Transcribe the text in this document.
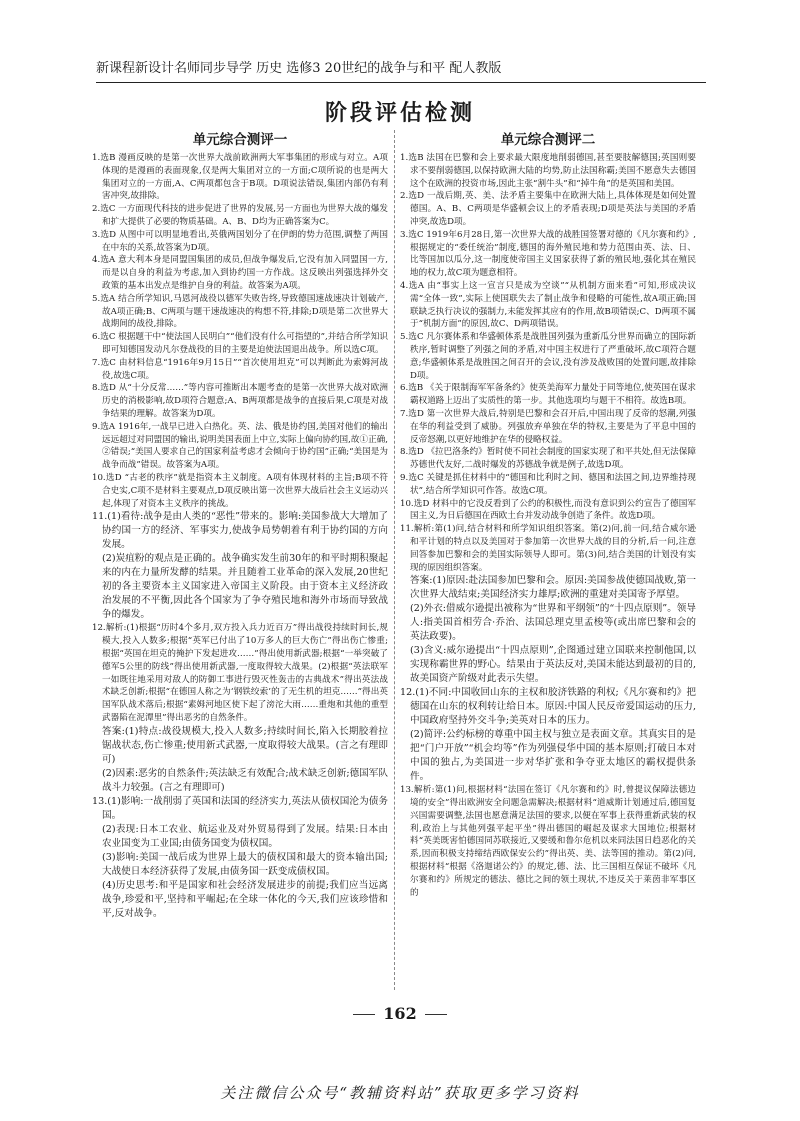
新课程新设计名师同步导学 历史 选修3 20世纪的战争与和平 配人教版
阶段评估检测
单元综合测评一

1.选B 漫画反映的是第一次世界大战前欧洲两大军事集团的形成与对立。A项体现的是漫画的表面现象,仅是两大集团对立的一方面;C项所说的也是两大集团对立的一方面,A、C两项都包含于B项。D项说法错误,集团内部仍有利害冲突,故排除。

2.选C 一方面现代科技的进步促进了世界的发展,另一方面也为世界大战的爆发和扩大提供了必要的物质基础。A、B、D均为正确答案为C。

3.选D 从图中可以明显地看出,英俄两国划分了在伊朗的势力范围,调整了两国在中东的关系,故答案为D项。

4.选A 意大利本身是同盟国集团的成员,但战争爆发后,它没有加入同盟国一方,而是以自身的利益为考虑,加入到协约国一方作战。这反映出列强选择外交政策的基本出发点是维护自身的利益。故答案为A项。

5.选A 结合所学知识,马恩河战役以德军失败告终,导致德国速战速决计划破产,故A项正确;B、C两项与题干速战速决的构想不符,排除;D项是第二次世界大战期间的战役,排除。

6.选C 根据题干中“使法国人民明白”“他们没有什么可指望的”,并结合所学知识即可知德国发动凡尔登战役的目的主要是迫使法国退出战争。所以选C项。

7.选C 由材料信息“1916年9月15日”“首次使用坦克”可以判断此为索姆河战役,故选C项。

8.选D 从“十分反常……”等内容可推断出本题考查的是第一次世界大战对欧洲历史的消极影响,故D项符合题意;A、B两项都是战争的直接后果,C项是对战争结果的理解。故答案为D项。

9.选A 1916年,一战早已进入白热化。英、法、俄是协约国,美国对他们的输出远远超过对同盟国的输出,说明美国表面上中立,实际上偏向协约国,故①正确,②错误;“美国人要求自己的国家利益考虑才会倾向于协约国”正确;“美国是为战争而战”错误。故答案为A项。

10.选D “古老的秩序”就是指资本主义制度。A项有体现材料的主旨;B项不符合史实,C项不是材料主要观点,D项反映出第一次世界大战后社会主义运动兴起,体现了对资本主义秩序的挑战。

11.(1)看待:战争是由人类的“恶性”带来的。影响:美国参战大大增加了协约国一方的经济、军事实力,使战争局势朝着有利于协约国的方向发展。

(2)炭疽粉的观点是正确的。战争确实发生前30年的和平时期积聚起来的内在力量所发酵的结果。并且随着工业革命的深入发展,20世纪初的各主要资本主义国家进入帝国主义阶段。由于资本主义经济政治发展的不平衡,因此各个国家为了争夺殖民地和海外市场而导致战争的爆发。

12.解析:(1)根据“历时4个多月,双方投入兵力近百万”得出战役持续时间长,规模大,投入人数多;根据“英军已付出了10万多人的巨大伤亡”得出伤亡惨重;根据“英国在坦克的掩护下发起进攻……”得出使用新武器;根据“一举突破了德军5公里的防线”得出使用新武器,一度取得较大战果。(2)根据“英法联军一如既往地采用对敌人的防御工事进行毁灭性轰击的古典战术”得出英法战术缺乏创新;根据“在德国人称之为‘钢铁绞索’的了无生机的坦克……”得出英国军队战术落后;根据“素姆河地区使下起了滂沱大雨……重炮和其他的重型武器陷在泥潭里”得出恶劣的自然条件。

答案:(1)特点:战役规模大,投入人数多;持续时间长,陷入长期胶着拉锯战状态,伤亡惨重;使用新式武器,一度取得较大战果。(言之有理即可)

(2)因素:恶劣的自然条件;英法缺乏有效配合;战术缺乏创新;德国军队战斗力较强。(言之有理即可)

13.(1)影响:一战削弱了英国和法国的经济实力,英法从债权国沦为债务国。

(2)表现:日本工农业、航运业及对外贸易得到了发展。结果:日本由农业国变为工业国;由债务国变为债权国。

(3)影响:美国一战后成为世界上最大的债权国和最大的资本输出国;大战使日本经济获得了发展,由债务国一跃变成债权国。

(4)历史思考:和平是国家和社会经济发展进步的前提;我们应当远离战争,珍爱和平,坚持和平崛起;在全球一体化的今天,我们应该珍惜和平,反对战争。

单元综合测评二

1.选B 法国在巴黎和会上要求最大限度地削弱德国,甚至要肢解德国;英国则要求不要削弱德国,以保持欧洲大陆的均势,防止法国称霸;美国不愿意失去德国这个在欧洲的投资市场,因此主张“割牛头”和“掉牛角”的是英国和美国。

2.选D 一战后期,英、美、法矛盾主要集中在欧洲大陆上,具体体现是如何处置德国。A、B、C两项是华盛顿会议上的矛盾表现;D项是英法与美国的矛盾冲突,故选D项。

3.选C 1919年6月28日,第一次世界大战的战胜国签署对德的《凡尔赛和约》,根据规定的“委任统治”制度,德国的海外殖民地和势力范围由英、法、日、比等国加以瓜分,这一制度使帝国主义国家获得了新的殖民地,强化其在殖民地的权力,故C项为题意相符。

4.选A 由“事实上这一宣言只是成为空谈”“从机制方面来看”可知,形成决议需“全体一致”,实际上使国联失去了制止战争和侵略的可能性,故A项正确;国联缺乏执行决议的强制力,未能发挥其应有的作用,故B项错误;C、D两项不属于“机制方面”的原因,故C、D两项错误。

5.选C 凡尔赛体系和华盛顿体系是战胜国列强为重新瓜分世界而确立的国际新秩序,暂时调整了列强之间的矛盾,对中国主权进行了严重破坏,故C项符合题意;华盛顿体系是战胜国之间召开的会议,没有涉及战败国的处置问题,故排除D项。

6.选B 《关于限制海军军备条约》使英美海军力量处于同等地位,使英国在谋求霸权道路上迈出了实质性的第一步。其他选项均与题干不相符。故选B项。

7.选D 第一次世界大战后,特别是巴黎和会召开后,中国出现了反帝的怒潮,列强在华的利益受到了威胁。列强放弃单独在华的特权,主要是为了平息中国的反帝怒潮,以更好地维护在华的侵略权益。

8.选D 《拉巴洛条约》暂时使不同社会制度的国家实现了和平共处,但无法保障苏德世代友好,二战时爆发的苏德战争就是例子,故选D项。

9.选C 关键是抓住材料中的“德国和比利时之间、德国和法国之间,边界维持现状”,结合所学知识可作答。故选C项。

10.选D 材料中的它没反看到了公约的积极性,而没有意识到公约宣告了德国军国主义,为日后德国在西欧土台并发动战争创造了条件。故选D项。

11.解析:第(1)问,结合材料和所学知识组织答案。第(2)问,前一问,结合威尔逊和平计划的特点以及美国对于参加第一次世界大战的目的分析,后一问,注意回答参加巴黎和会的美国实际领导人即可。第(3)问,结合美国的计划没有实现的原因组织答案。

答案:(1)原因:赴法国参加巴黎和会。原因:美国参战使德国战败,第一次世界大战结束;美国经济实力雄厚;欧洲的重建对美国寄予厚望。

(2)外衣:借威尔逊提出被称为“世界和平纲领”的“十四点原则”。领导人:指美国首相劳合·乔治、法国总理克里孟梭等(或出席巴黎和会的英法政要)。

(3)含义:威尔逊提出“十四点原则”,企图通过建立国联来控制他国,以实现称霸世界的野心。结果由于英法反对,美国未能达到最初的目的,故美国资产阶级对此表示失望。

12.(1)不同:中国收回山东的主权和胶济铁路的利权;《凡尔赛和约》把德国在山东的权利转让给日本。原因:中国人民反帝爱国运动的压力,中国政府坚持外交斗争;美英对日本的压力。

(2)简评:公约标榜的尊重中国主权与独立是表面文章。其真实目的是把“门户开放”“机会均等”作为列强侵华中国的基本原则;打破日本对中国的独占,为美国进一步对华扩张和争夺亚太地区的霸权提供条件。

13.解析:第(1)问,根据材料“法国在签订《凡尔赛和约》时,曾提议保障法德边境的安全”得出欧洲安全问题急需解决;根据材料“道威斯计划通过后,德国复兴国需要调整,法国也愿意满足法国的要求,以便在军事上获得重新武装的权利,政治上与其他列强平起平坐”得出德国的崛起及谋求大国地位;根据材料“英美既害怕德国同苏联接近,又要缓和鲁尔危机以来同法国日趋恶化的关系,因而积极支持缔结西欧保安公约”得出英、美、法等国的推动。第(2)问,根据材料“根据《洛迦诺公约》的规定,德、法、比三国相互保证不破坏《凡尔赛和约》所规定的德法、德比之间的领土现状,不违反关于莱茵非军事区的

162
关注微信公众号“教辅资料站”获取更多学习资料
